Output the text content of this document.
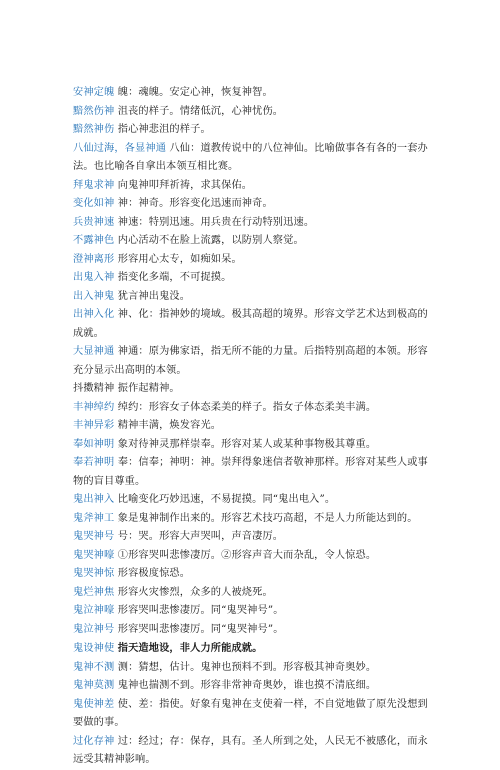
安神定魄 魄：魂魄。安定心神，恢复神智。

黯然伤神 沮丧的样子。情绪低沉，心神忧伤。

黯然神伤 指心神悲沮的样子。

八仙过海，各显神通 八仙：道教传说中的八位神仙。比喻做事各有各的一套办法。也比喻各自拿出本领互相比赛。

拜鬼求神 向鬼神叩拜祈祷，求其保佑。

变化如神 神：神奇。形容变化迅速而神奇。

兵贵神速 神速：特别迅速。用兵贵在行动特别迅速。

不露神色 内心活动不在脸上流露，以防别人察觉。

澄神离形 形容用心太专，如痴如呆。

出鬼入神 指变化多端，不可捉摸。

出入神鬼 犹言神出鬼没。

出神入化 神、化：指神妙的境域。极其高超的境界。形容文学艺术达到极高的成就。

大显神通 神通：原为佛家语，指无所不能的力量。后指特别高超的本领。形容充分显示出高明的本领。

抖擞精神 振作起精神。

丰神绰约 绰约：形容女子体态柔美的样子。指女子体态柔美丰满。

丰神异彩 精神丰满，焕发容光。

奉如神明 象对待神灵那样崇奉。形容对某人或某种事物极其尊重。

奉若神明 奉：信奉；神明：神。崇拜得象迷信者敬神那样。形容对某些人或事物的盲目尊重。

鬼出神入 比喻变化巧妙迅速，不易捉摸。同“鬼出电入”。

鬼斧神工 象是鬼神制作出来的。形容艺术技巧高超，不是人力所能达到的。

鬼哭神号 号：哭。形容大声哭叫，声音凄厉。

鬼哭神嚎 ①形容哭叫悲惨凄厉。②形容声音大而杂乱，令人惊恐。

鬼哭神惊 形容极度惊恐。

鬼烂神焦 形容火灾惨烈，众多的人被烧死。

鬼泣神嚎 形容哭叫悲惨凄厉。同“鬼哭神号”。

鬼泣神号 形容哭叫悲惨凄厉。同“鬼哭神号”。

鬼设神使 指天造地设，非人力所能成就。

鬼神不测 测：猜想，估计。鬼神也预料不到。形容极其神奇奥妙。

鬼神莫测 鬼神也揣测不到。形容非常神奇奥妙，谁也摸不清底细。

鬼使神差 使、差：指使。好象有鬼神在支使着一样，不自觉地做了原先没想到要做的事。

过化存神 过：经过；存：保存，具有。圣人所到之处，人民无不被感化，而永远受其精神影响。
